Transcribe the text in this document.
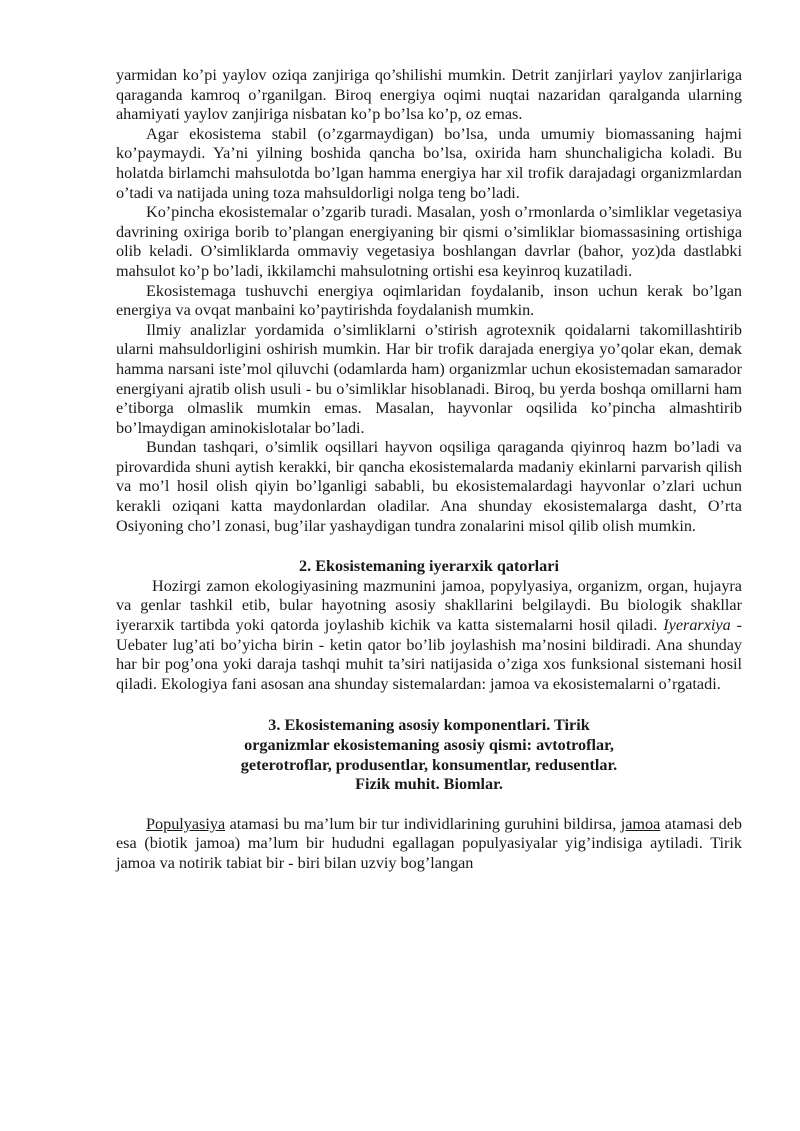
yarmidan ko’pi yaylov oziqa zanjiriga qo’shilishi mumkin. Detrit zanjirlari yaylov zanjirlariga qaraganda kamroq o’rganilgan. Biroq energiya oqimi nuqtai nazaridan qaralganda ularning ahamiyati yaylov zanjiriga nisbatan ko’p bo’lsa ko’p, oz emas.

Agar ekosistema stabil (o’zgarmaydigan) bo’lsa, unda umumiy biomassaning hajmi ko’paymaydi. Ya’ni yilning boshida qancha bo’lsa, oxirida ham shunchaligicha koladi. Bu holatda birlamchi mahsulotda bo’lgan hamma energiya har xil trofik darajadagi organizmlardan o’tadi va natijada uning toza mahsuldorligi nolga teng bo’ladi.

Ko’pincha ekosistemalar o’zgarib turadi. Masalan, yosh o’rmonlarda o’simliklar vegetasiya davrining oxiriga borib to’plangan energiyaning bir qismi o’simliklar biomassasining ortishiga olib keladi. O’simliklarda ommaviy vegetasiya boshlangan davrlar (bahor, yoz)da dastlabki mahsulot ko’p bo’ladi, ikkilamchi mahsulotning ortishi esa keyinroq kuzatiladi.

Ekosistemaga tushuvchi energiya oqimlaridan foydalanib, inson uchun kerak bo’lgan energiya va ovqat manbaini ko’paytirishda foydalanish mumkin.

Ilmiy analizlar yordamida o’simliklarni o’stirish agrotexnik qoidalarni takomillashtirib ularni mahsuldorligini oshirish mumkin. Har bir trofik darajada energiya yo’qolar ekan, demak hamma narsani iste’mol qiluvchi (odamlarda ham) organizmlar uchun ekosistemadan samarador energiyani ajratib olish usuli - bu o’simliklar hisoblanadi. Biroq, bu yerda boshqa omillarni ham e’tiborga olmaslik mumkin emas. Masalan, hayvonlar oqsilida ko’pincha almashtirib bo’lmaydigan aminokislotalar bo’ladi.

Bundan tashqari, o’simlik oqsillari hayvon oqsiliga qaraganda qiyinroq hazm bo’ladi va pirovardida shuni aytish kerakki, bir qancha ekosistemalarda madaniy ekinlarni parvarish qilish va mo’l hosil olish qiyin bo’lganligi sababli, bu ekosistemalardagi hayvonlar o’zlari uchun kerakli oziqani katta maydonlardan oladilar. Ana shunday ekosistemalarga dasht, O’rta Osiyoning cho’l zonasi, bug’ilar yashaydigan tundra zonalarini misol qilib olish mumkin.

2. Ekosistemaning iyerarxik qatorlari

Hozirgi zamon ekologiyasining mazmunini jamoa, popylyasiya, organizm, organ, hujayra va genlar tashkil etib, bular hayotning asosiy shakllarini belgilaydi. Bu biologik shakllar iyerarxik tartibda yoki qatorda joylashib kichik va katta sistemalarni hosil qiladi. Iyerarxiya - Uebater lug’ati bo’yicha birin - ketin qator bo’lib joylashish ma’nosini bildiradi. Ana shunday har bir pog’ona yoki daraja tashqi muhit ta’siri natijasida o’ziga xos funksional sistemani hosil qiladi. Ekologiya fani asosan ana shunday sistemalardan: jamoa va ekosistemalarni o’rgatadi.

3. Ekosistemaning asosiy komponentlari. Tirik
organizmlar ekosistemaning asosiy qismi: avtotroflar,
geterotroflar, produsentlar, konsumentlar, redusentlar.
Fizik muhit. Biomlar.

Populyasiya atamasi bu ma’lum bir tur individlarining guruhini bildirsa, jamoa atamasi deb esa (biotik jamoa) ma’lum bir hududni egallagan populyasiyalar yig’indisiga aytiladi. Tirik jamoa va notirik tabiat bir - biri bilan uzviy bog’langan
